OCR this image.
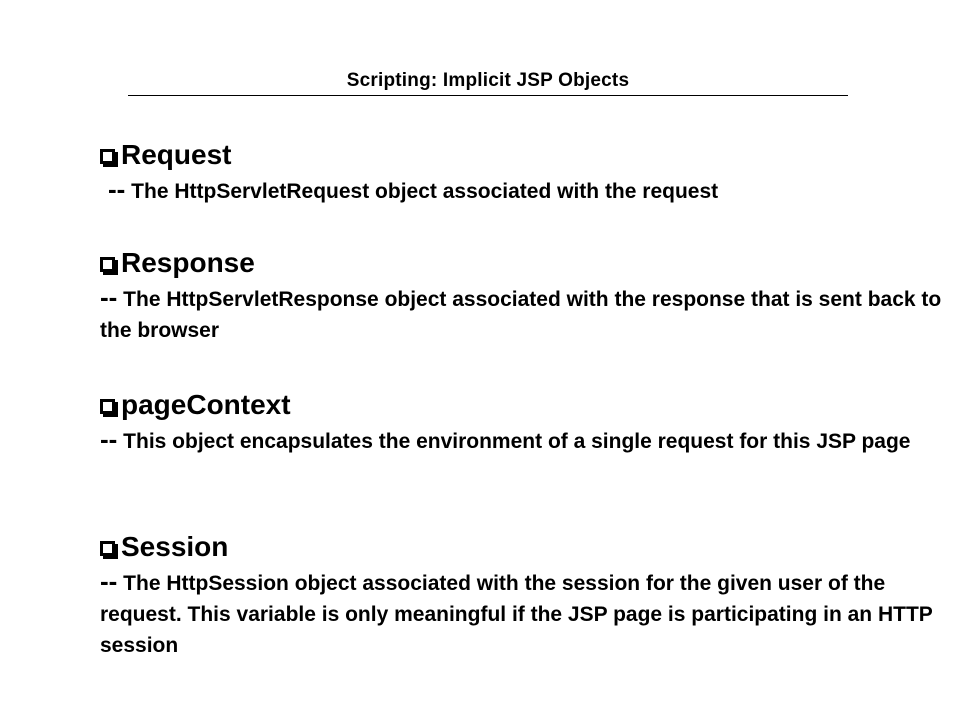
Scripting: Implicit JSP Objects
Request
-- The HttpServletRequest object associated with the request
Response
-- The HttpServletResponse object associated with the response that is sent back to the browser
pageContext
-- This object encapsulates the environment of a single request for this JSP page
Session
-- The HttpSession object associated with the session for the given user of the request. This variable is only meaningful if the JSP page is participating in an HTTP session
